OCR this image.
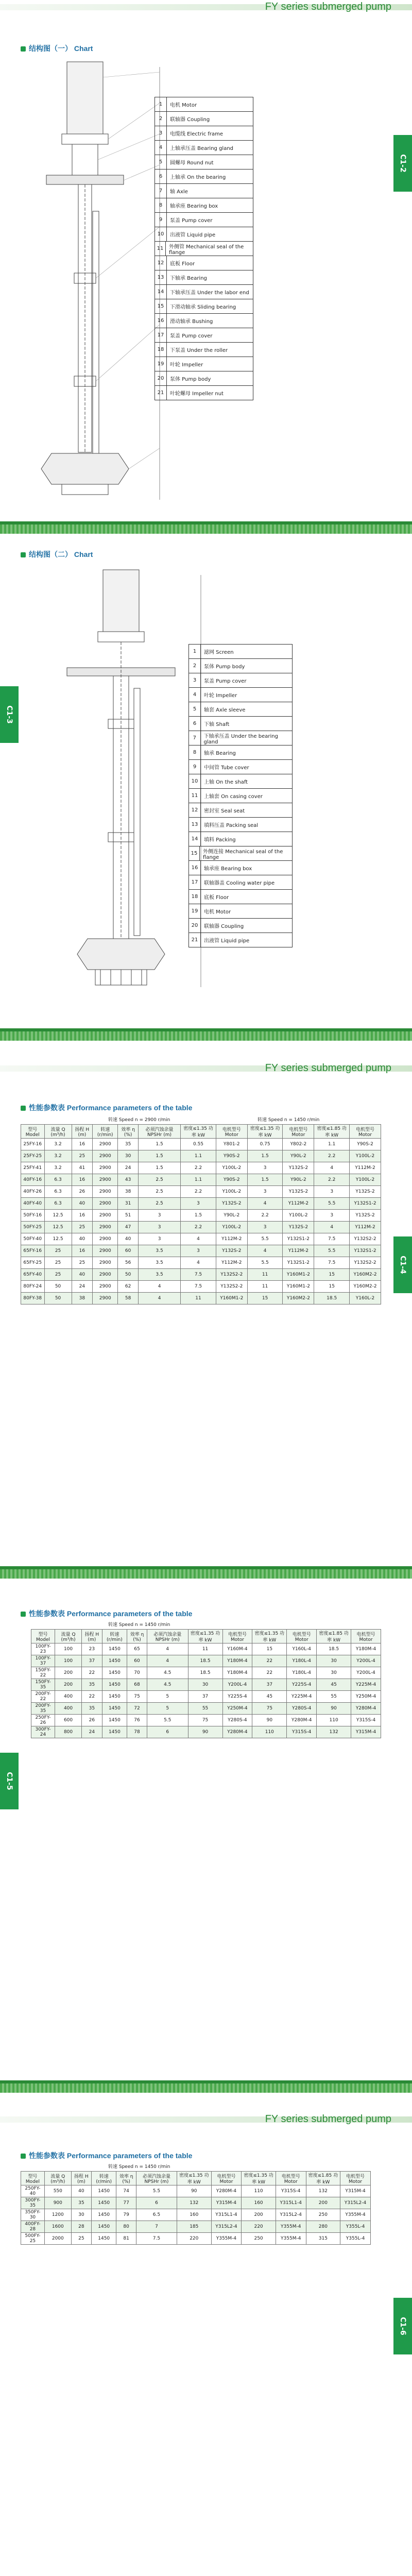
FY series submerged pump
结构图（一） Chart
1	电机 Motor
2	联轴器 Coupling
3	电缆线 Electric frame
4	上轴承压盖 Bearing gland
5	圆螺母 Round nut
6	上轴承 On the bearing
7	轴 Axle
8	轴承座 Bearing box
9	泵盖 Pump cover
10	出液管 Liquid pipe
11	外侧管 Mechanical seal of the flange
12	底板 Floor
13	下轴承 Bearing
14	下轴承压盖 Under the labor end
15	下滑动轴承 Sliding bearing
16	滑动轴承 Bushing
17	泵盖 Pump cover
18	下泵盖 Under the roller
19	叶轮 Impeller
20	泵体 Pump body
21	叶轮螺母 Impeller nut
C1-2
结构图（二） Chart
C1-3
1	滤网 Screen
2	泵体 Pump body
3	泵盖 Pump cover
4	叶轮 Impeller
5	轴套 Axle sleeve
6	下轴 Shaft
7	下轴承压盖 Under the bearing gland
8	轴承 Bearing
9	中间管 Tube cover
10	上轴 On the shaft
11	上轴套 On casing cover
12	密封室 Seal seat
13	填料压盖 Packing seal
14	填料 Packing
15	外侧连接 Mechanical seal of the flange
16	轴承座 Bearing box
17	联轴器盖 Cooling water pipe
18	底板 Floor
19	电机 Motor
20	联轴器 Coupling
21	出液管 Liquid pipe
FY series submerged pump
性能参数表 Performance parameters of the table
转速 Speed n = 2900 r/min	转速 Speed n = 1450 r/min
型号 Model	流量 Q (m³/h)	扬程 H (m)	转速 (r/min)	效率 η (%)	必须汽蚀余量 NPSHr (m)	密度≤1.35 功率 kW	电机型号 Motor	密度≤1.35 功率 kW	电机型号 Motor	密度≤1.85 功率 kW	电机型号 Motor
25FY-16	3.2	16	2900	35	1.5	0.55	Y801-2	0.75	Y802-2	1.1	Y90S-2
25FY-25	3.2	25	2900	30	1.5	1.1	Y90S-2	1.5	Y90L-2	2.2	Y100L-2
25FY-41	3.2	41	2900	24	1.5	2.2	Y100L-2	3	Y132S-2	4	Y112M-2
40FY-16	6.3	16	2900	43	2.5	1.1	Y90S-2	1.5	Y90L-2	2.2	Y100L-2
40FY-26	6.3	26	2900	38	2.5	2.2	Y100L-2	3	Y132S-2	3	Y132S-2
40FY-40	6.3	40	2900	31	2.5	3	Y132S-2	4	Y112M-2	5.5	Y132S1-2
50FY-16	12.5	16	2900	51	3	1.5	Y90L-2	2.2	Y100L-2	3	Y132S-2
50FY-25	12.5	25	2900	47	3	2.2	Y100L-2	3	Y132S-2	4	Y112M-2
50FY-40	12.5	40	2900	40	3	4	Y112M-2	5.5	Y132S1-2	7.5	Y132S2-2
65FY-16	25	16	2900	60	3.5	3	Y132S-2	4	Y112M-2	5.5	Y132S1-2
65FY-25	25	25	2900	56	3.5	4	Y112M-2	5.5	Y132S1-2	7.5	Y132S2-2
65FY-40	25	40	2900	50	3.5	7.5	Y132S2-2	11	Y160M1-2	15	Y160M2-2
80FY-24	50	24	2900	62	4	7.5	Y132S2-2	11	Y160M1-2	15	Y160M2-2
80FY-38	50	38	2900	58	4	11	Y160M1-2	15	Y160M2-2	18.5	Y160L-2
C1-4
性能参数表 Performance parameters of the table
转速 Speed n = 1450 r/min
型号 Model	流量 Q (m³/h)	扬程 H (m)	转速 (r/min)	效率 η (%)	必须汽蚀余量 NPSHr (m)	密度≤1.35 功率 kW	电机型号 Motor	密度≤1.35 功率 kW	电机型号 Motor	密度≤1.85 功率 kW	电机型号 Motor
100FY-23	100	23	1450	65	4	11	Y160M-4	15	Y160L-4	18.5	Y180M-4
100FY-37	100	37	1450	60	4	18.5	Y180M-4	22	Y180L-4	30	Y200L-4
150FY-22	200	22	1450	70	4.5	18.5	Y180M-4	22	Y180L-4	30	Y200L-4
150FY-35	200	35	1450	68	4.5	30	Y200L-4	37	Y225S-4	45	Y225M-4
200FY-22	400	22	1450	75	5	37	Y225S-4	45	Y225M-4	55	Y250M-4
200FY-35	400	35	1450	72	5	55	Y250M-4	75	Y280S-4	90	Y280M-4
250FY-26	600	26	1450	76	5.5	75	Y280S-4	90	Y280M-4	110	Y315S-4
300FY-24	800	24	1450	78	6	90	Y280M-4	110	Y315S-4	132	Y315M-4
C1-5
FY series submerged pump
性能参数表 Performance parameters of the table
转速 Speed n = 1450 r/min
型号 Model	流量 Q (m³/h)	扬程 H (m)	转速 (r/min)	效率 η (%)	必须汽蚀余量 NPSHr (m)	密度≤1.35 功率 kW	电机型号 Motor	密度≤1.35 功率 kW	电机型号 Motor	密度≤1.85 功率 kW	电机型号 Motor
250FY-40	550	40	1450	74	5.5	90	Y280M-4	110	Y315S-4	132	Y315M-4
300FY-35	900	35	1450	77	6	132	Y315M-4	160	Y315L1-4	200	Y315L2-4
350FY-30	1200	30	1450	79	6.5	160	Y315L1-4	200	Y315L2-4	250	Y355M-4
400FY-28	1600	28	1450	80	7	185	Y315L2-4	220	Y355M-4	280	Y355L-4
500FY-25	2000	25	1450	81	7.5	220	Y355M-4	250	Y355M-4	315	Y355L-4
C1-6
